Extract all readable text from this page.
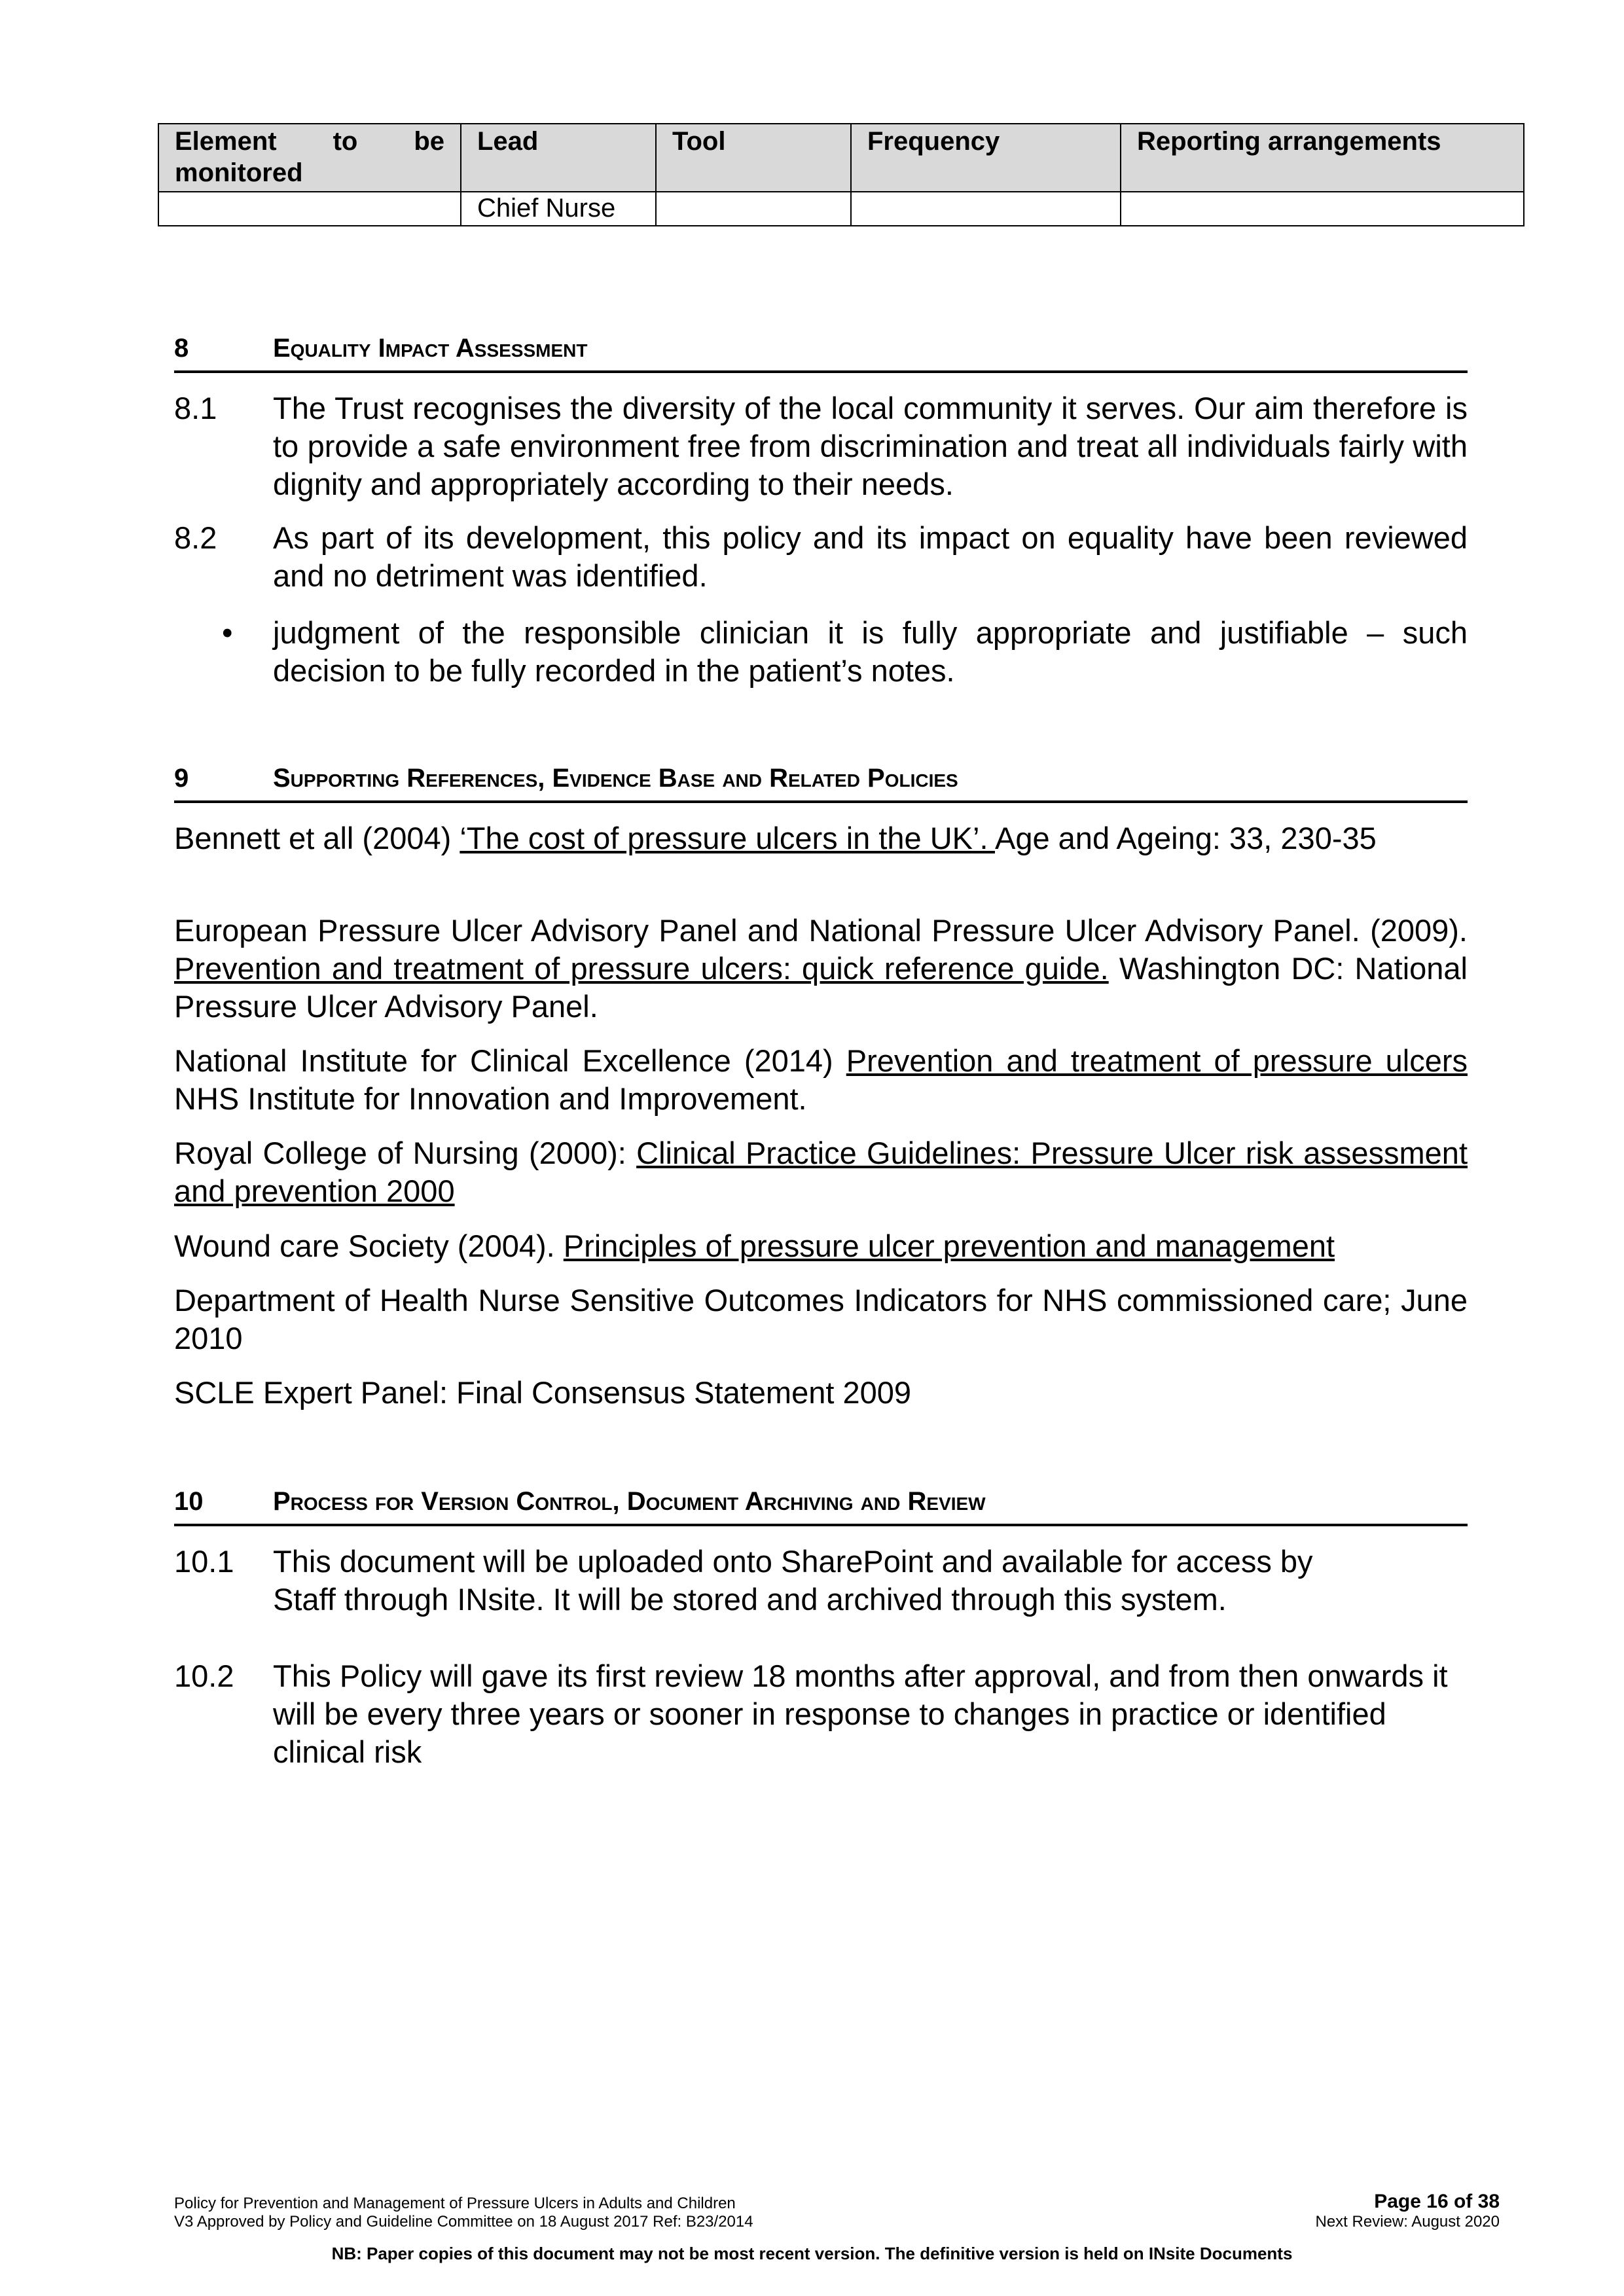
Element to be
monitored	Lead	Tool	Frequency	Reporting arrangements
	Chief Nurse			
8	Equality Impact Assessment
8.1 The Trust recognises the diversity of the local community it serves. Our aim therefore is to provide a safe environment free from discrimination and treat all individuals fairly with dignity and appropriately according to their needs.
8.2 As part of its development, this policy and its impact on equality have been reviewed and no detriment was identified.
• judgment of the responsible clinician it is fully appropriate and justifiable – such decision to be fully recorded in the patient’s notes.
9	Supporting References, Evidence Base and Related Policies
Bennett et all (2004) ‘The cost of pressure ulcers in the UK’. Age and Ageing: 33, 230-35
European Pressure Ulcer Advisory Panel and National Pressure Ulcer Advisory Panel. (2009). Prevention and treatment of pressure ulcers: quick reference guide. Washington DC: National Pressure Ulcer Advisory Panel.
National Institute for Clinical Excellence (2014) Prevention and treatment of pressure ulcers NHS Institute for Innovation and Improvement.
Royal College of Nursing (2000): Clinical Practice Guidelines: Pressure Ulcer risk assessment and prevention 2000
Wound care Society (2004). Principles of pressure ulcer prevention and management
Department of Health Nurse Sensitive Outcomes Indicators for NHS commissioned care; June 2010
SCLE Expert Panel: Final Consensus Statement 2009
10	Process for Version Control, Document Archiving and Review
10.1 This document will be uploaded onto SharePoint and available for access by Staff through INsite. It will be stored and archived through this system.
10.2 This Policy will gave its first review 18 months after approval, and from then onwards it will be every three years or sooner in response to changes in practice or identified clinical risk
Policy for Prevention and Management of Pressure Ulcers in Adults and Children
V3 Approved by Policy and Guideline Committee on 18 August 2017 Ref: B23/2014
Page 16 of 38
Next Review: August 2020
NB: Paper copies of this document may not be most recent version. The definitive version is held on INsite Documents
